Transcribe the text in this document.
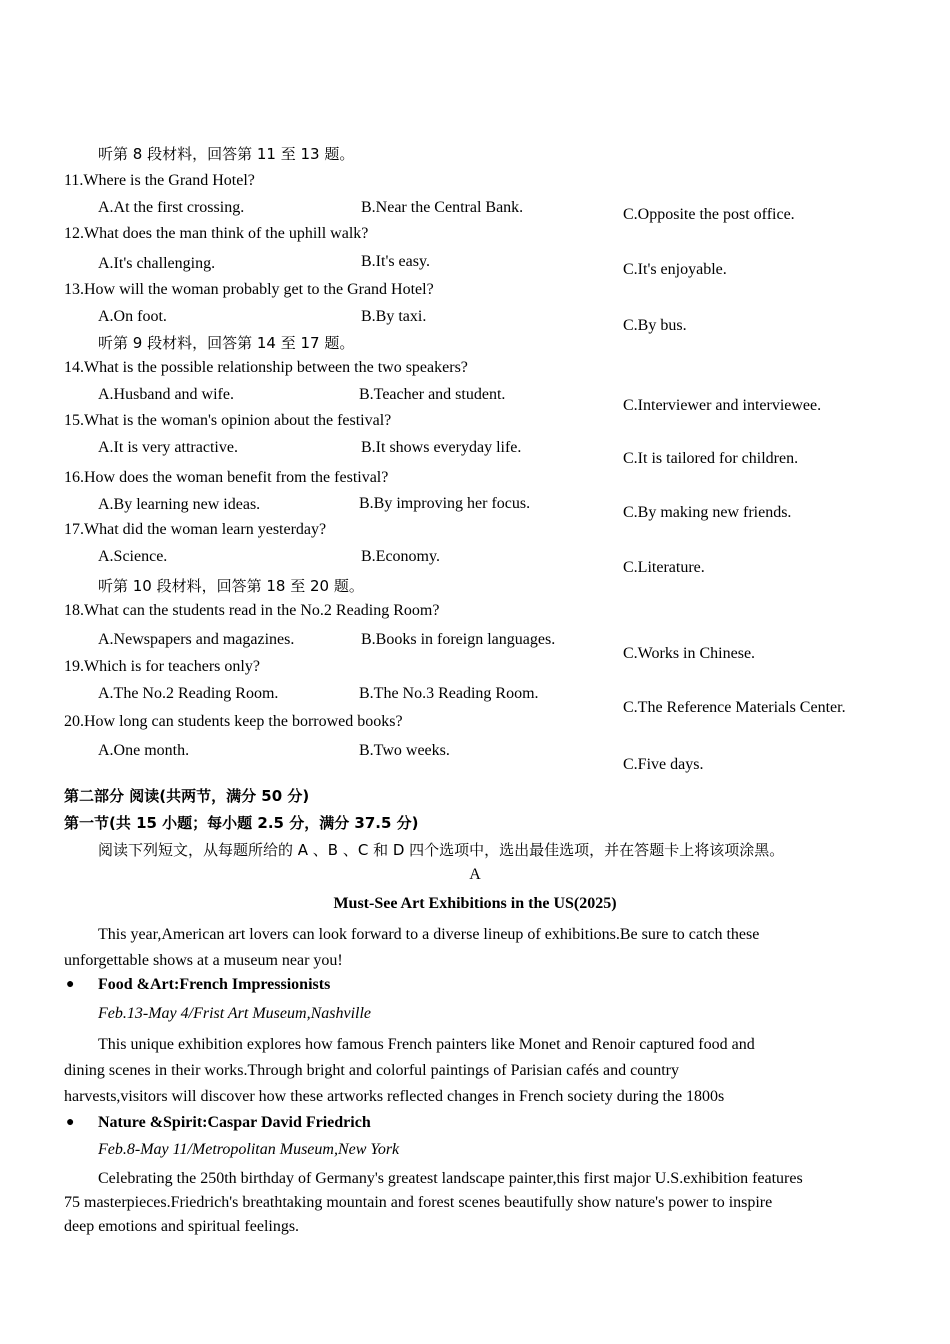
听第 8 段材料，回答第 11 至 13 题。
11.Where is the Grand Hotel?
A.At the first crossing.	B.Near the Central Bank.	C.Opposite the post office.
12.What does the man think of the uphill walk?
A.It's challenging.	B.It's easy.	C.It's enjoyable.
13.How will the woman probably get to the Grand Hotel?
A.On foot.	B.By taxi.
C.By bus.
听第 9 段材料，回答第 14 至 17 题。
14.What is the possible relationship between the two speakers?
A.Husband and wife.	B.Teacher and student.
C.Interviewer and interviewee.
15.What is the woman's opinion about the festival?
A.It is very attractive.	B.It shows everyday life.
C.It is tailored for children.
16.How does the woman benefit from the festival?
A.By learning new ideas.	B.By improving her focus.
C.By making new friends.
17.What did the woman learn yesterday?
A.Science.	B.Economy.
C.Literature.
听第 10 段材料，回答第 18 至 20 题。
18.What can the students read in the No.2 Reading Room?
A.Newspapers and magazines.	B.Books in foreign languages.
C.Works in Chinese.
19.Which is for teachers only?
A.The No.2 Reading Room.	B.The No.3 Reading Room.
C.The Reference Materials Center.
20.How long can students keep the borrowed books?
A.One month.	B.Two weeks.
C.Five days.
第二部分 阅读(共两节，满分 50 分)
第一节(共 15 小题；每小题 2.5 分，满分 37.5 分)
阅读下列短文，从每题所给的 A 、B 、C 和 D 四个选项中，选出最佳选项，并在答题卡上将该项涂黑。
A
Must-See Art Exhibitions in the US(2025)
This year,American art lovers can look forward to a diverse lineup of exhibitions.Be sure to catch these
unforgettable shows at a museum near you!
● Food &Art:French Impressionists
Feb.13-May 4/Frist Art Museum,Nashville
This unique exhibition explores how famous French painters like Monet and Renoir captured food and
dining scenes in their works.Through bright and colorful paintings of Parisian cafés and country
harvests,visitors will discover how these artworks reflected changes in French society during the 1800s
● Nature &Spirit:Caspar David Friedrich
Feb.8-May 11/Metropolitan Museum,New York
Celebrating the 250th birthday of Germany's greatest landscape painter,this first major U.S.exhibition features
75 masterpieces.Friedrich's breathtaking mountain and forest scenes beautifully show nature's power to inspire
deep emotions and spiritual feelings.
